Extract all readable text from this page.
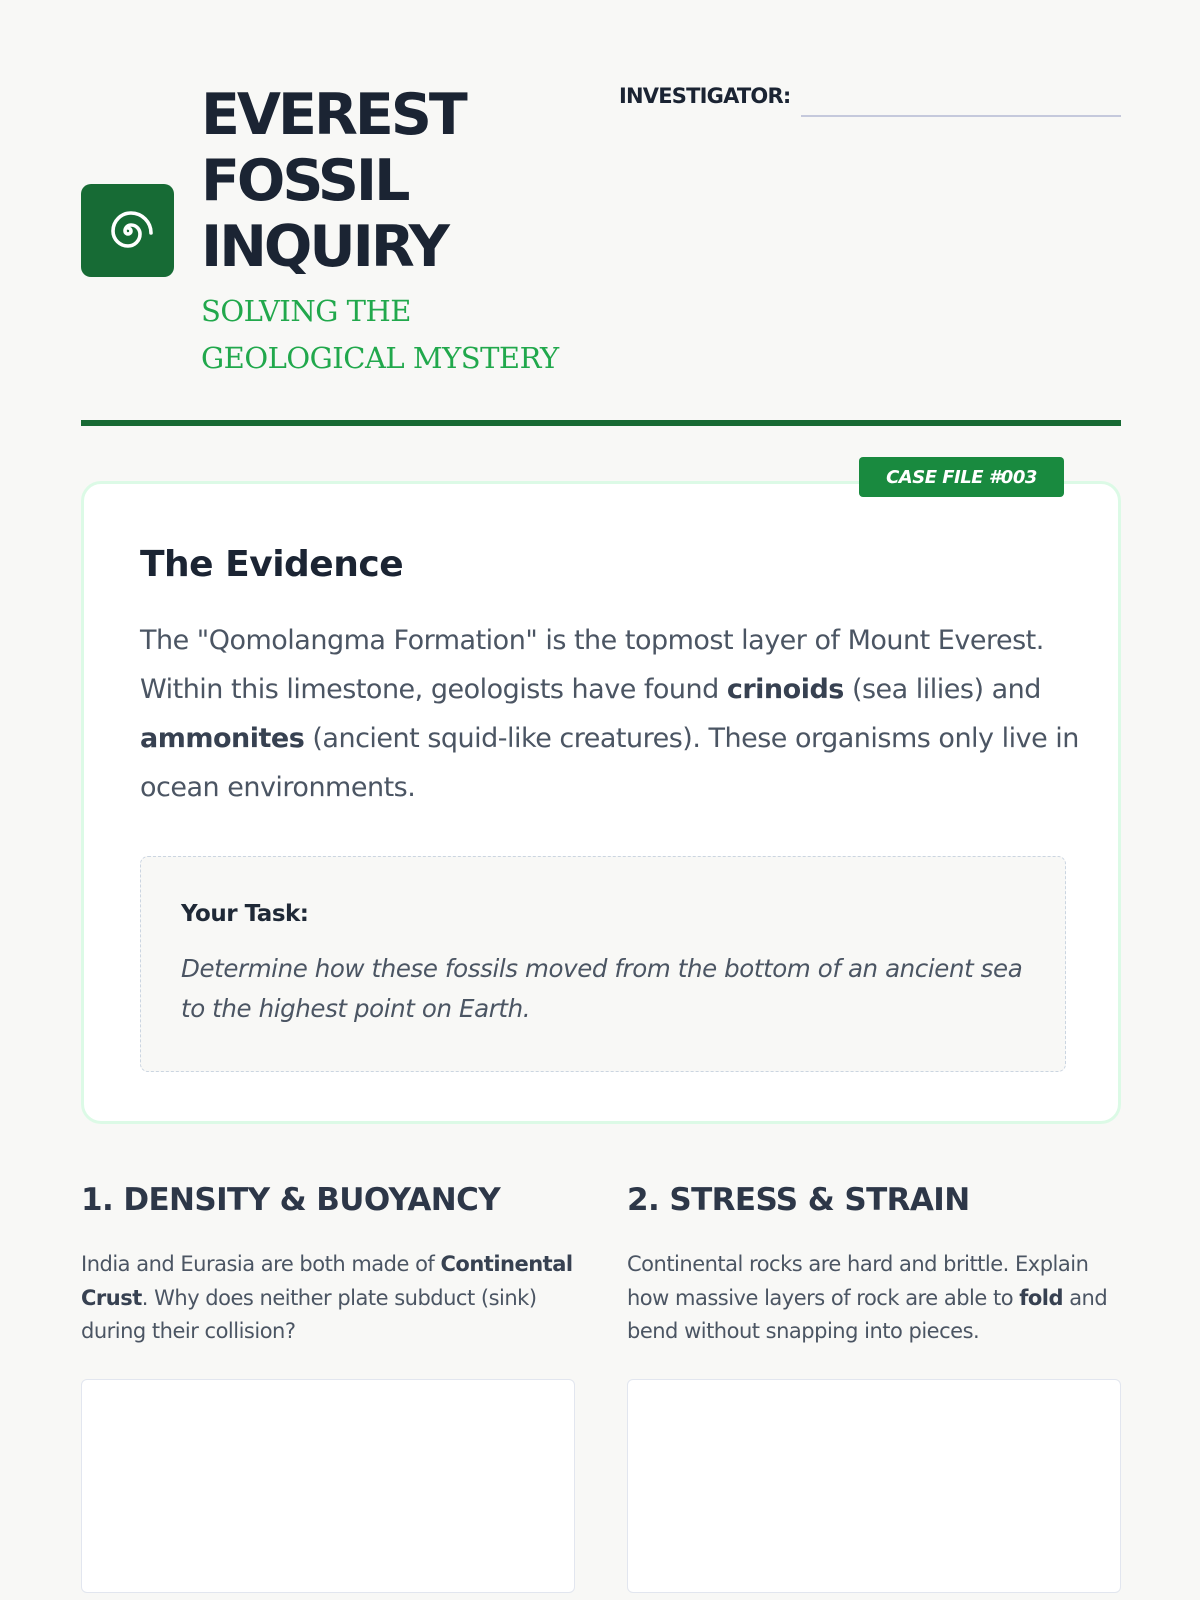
EVEREST
FOSSIL
INQUIRY
SOLVING THE GEOLOGICAL MYSTERY
INVESTIGATOR:
The Evidence

The "Qomolangma Formation" is the topmost layer of Mount Everest. Within this limestone, geologists have found crinoids (sea lilies) and ammonites (ancient squid-like creatures). These organisms only live in ocean environments.

Your Task:
Determine how these fossils moved from the bottom of an ancient sea to the highest point on Earth.
CASE FILE #003
1. DENSITY & BUOYANCY

India and Eurasia are both made of Continental Crust. Why does neither plate subduct (sink) during their collision?

2. STRESS & STRAIN

Continental rocks are hard and brittle. Explain how massive layers of rock are able to fold and bend without snapping into pieces.
